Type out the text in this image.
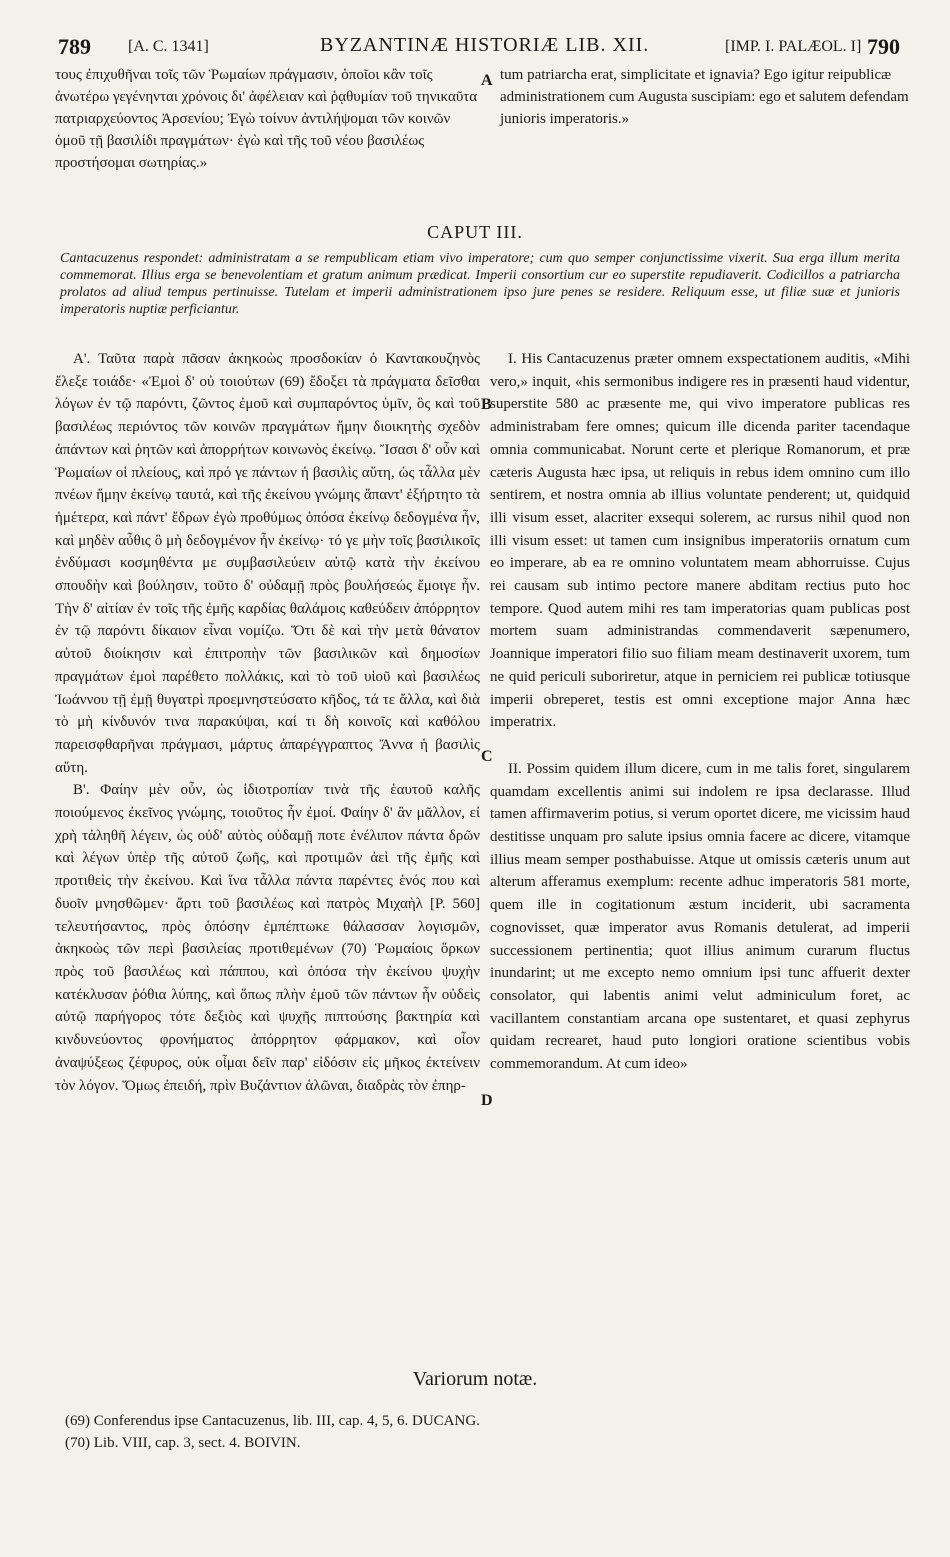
789 [A. C. 1341]	BYZANTINÆ HISTORIÆ LIB. XII.	[IMP. I. PALÆOL. I] 790
τους ἐπιχυθῆναι τοῖς τῶν Ῥωμαίων πράγμασιν, ὁποῖοι κἂν τοῖς ἀνωτέρω γεγένηνται χρόνοις δι' ἀφέλειαν καὶ ῥᾳθυμίαν τοῦ τηνικαῦτα πατριαρχεύοντος Ἀρσενίου; Ἐγὼ τοίνυν ἀντιλήψομαι τῶν κοινῶν ὁμοῦ τῇ βασιλίδι πραγμάτων· ἐγὼ καὶ τῆς τοῦ νέου βασιλέως προστήσομαι σωτηρίας.»
A tum patriarcha erat, simplicitate et ignavia? Ego igitur reipublicæ administrationem cum Augusta suscipiam: ego et salutem defendam junioris imperatoris.»
CAPUT III.
Cantacuzenus respondet: administratam a se rempublicam etiam vivo imperatore; cum quo semper conjunctissime vixerit. Sua erga illum merita commemorat. Illius erga se benevolentiam et gratum animum prædicat. Imperii consortium cur eo superstite repudiaverit. Codicillos a patriarcha prolatos ad aliud tempus pertinuisse. Tutelam et imperii administrationem ipso jure penes se residere. Reliquum esse, ut filiæ suæ et junioris imperatoris nuptiæ perficiantur.

Α'. Ταῦτα παρὰ πᾶσαν ἀκηκοὼς προσδοκίαν ὁ Καντακουζηνὸς ἔλεξε τοιάδε· «Ἐμοὶ δ' οὐ τοιούτων (69) ἔδοξει τὰ πράγματα δεῖσθαι λόγων ἐν τῷ παρόντι, ζῶντος ἐμοῦ καὶ συμπαρόντος ὑμῖν, ὃς καὶ τοῦ βασιλέως περιόντος τῶν κοινῶν πραγμάτων ἤμην διοικητὴς σχεδὸν ἁπάντων καὶ ῥητῶν καὶ ἀπορρήτων κοινωνὸς ἐκείνῳ. Ἴσασι δ' οὖν καὶ Ῥωμαίων οἱ πλείους, καὶ πρό γε πάντων ἡ βασιλὶς αὕτη, ὡς τἆλλα μὲν πνέων ἤμην ἐκείνῳ ταυτά, καὶ τῆς ἐκείνου γνώμης ἅπαντ' ἐξήρτητο τὰ ἡμέτερα, καὶ πάντ' ἔδρων ἐγὼ προθύμως ὁπόσα ἐκείνῳ δεδογμένα ἦν, καὶ μηδὲν αὖθις ὃ μὴ δεδογμένον ἦν ἐκείνῳ· τό γε μὴν τοῖς βασιλικοῖς ἐνδύμασι κοσμηθέντα με συμβασιλεύειν αὐτῷ κατὰ τὴν ἐκείνου σπουδὴν καὶ βούλησιν, τοῦτο δ' οὐδαμῇ πρὸς βουλήσεώς ἔμοιγε ἦν. Τὴν δ' αἰτίαν ἐν τοῖς τῆς ἐμῆς καρδίας θαλάμοις καθεύδειν ἀπόρρητον ἐν τῷ παρόντι δίκαιον εἶναι νομίζω. Ὅτι δὲ καὶ τὴν μετὰ θάνατον αὐτοῦ διοίκησιν καὶ ἐπιτροπὴν τῶν βασιλικῶν καὶ δημοσίων πραγμάτων ἐμοὶ παρέθετο πολλάκις, καὶ τὸ τοῦ υἱοῦ καὶ βασιλέως Ἰωάννου τῇ ἐμῇ θυγατρὶ προεμνηστεύσατο κῆδος, τά τε ἄλλα, καὶ διὰ τὸ μὴ κίνδυνόν τινα παρακύψαι, καί τι δὴ κοινοῖς καὶ καθόλου παρεισφθαρῆναι πράγμασι, μάρτυς ἀπαρέγγραπτος Ἄννα ἡ βασιλὶς αὕτη.

Β'. Φαίην μὲν οὖν, ὡς ἰδιοτροπίαν τινὰ τῆς ἑαυτοῦ καλῆς ποιούμενος ἐκεῖνος γνώμης, τοιοῦτος ἦν ἐμοί. Φαίην δ' ἂν μᾶλλον, εἰ χρὴ τἀληθῆ λέγειν, ὡς οὐδ' αὐτὸς οὐδαμῇ ποτε ἐνέλιπον πάντα δρῶν καὶ λέγων ὑπὲρ τῆς αὐτοῦ ζωῆς, καὶ προτιμῶν ἀεὶ τῆς ἐμῆς καὶ προτιθεὶς τὴν ἐκείνου. Καὶ ἵνα τἆλλα πάντα παρέντες ἑνός που καὶ δυοῖν μνησθῶμεν· ἄρτι τοῦ βασιλέως καὶ πατρὸς Μιχαὴλ [P. 560] τελευτήσαντος, πρὸς ὁπόσην ἐμπέπτωκε θάλασσαν λογισμῶν, ἀκηκοὼς τῶν περὶ βασιλείας προτιθεμένων (70) Ῥωμαίοις ὅρκων πρὸς τοῦ βασιλέως καὶ πάππου, καὶ ὁπόσα τὴν ἐκείνου ψυχὴν κατέκλυσαν ῥόθια λύπης, καὶ ὅπως πλὴν ἐμοῦ τῶν πάντων ἦν οὐδεὶς αὐτῷ παρήγορος τότε δεξιὸς καὶ ψυχῆς πιπτούσης βακτηρία καὶ κινδυνεύοντος φρονήματος ἀπόρρητον φάρμακον, καὶ οἷον ἀναψύξεως ζέφυρος, οὐκ οἶμαι δεῖν παρ' εἰδόσιν εἰς μῆκος ἐκτείνειν τὸν λόγον. Ὅμως ἐπειδή, πρὶν Βυζάντιον ἁλῶναι, διαδρὰς τὸν ἐπηρ-

B
C
D

I. His Cantacuzenus præter omnem exspectationem auditis, «Mihi vero,» inquit, «his sermonibus indigere res in præsenti haud videntur, superstite 580 ac præsente me, qui vivo imperatore publicas res administrabam fere omnes; quicum ille dicenda pariter tacendaque omnia communicabat. Norunt certe et plerique Romanorum, et præ cæteris Augusta hæc ipsa, ut reliquis in rebus idem omnino cum illo sentirem, et nostra omnia ab illius voluntate penderent; ut, quidquid illi visum esset, alacriter exsequi solerem, ac rursus nihil quod non illi visum esset: ut tamen cum insignibus imperatoriis ornatum cum eo imperare, ab ea re omnino voluntatem meam abhorruisse. Cujus rei causam sub intimo pectore manere abditam rectius puto hoc tempore. Quod autem mihi res tam imperatorias quam publicas post mortem suam administrandas commendaverit sæpenumero, Joannique imperatori filio suo filiam meam destinaverit uxorem, tum ne quid periculi suboriretur, atque in perniciem rei publicæ totiusque imperii obreperet, testis est omni exceptione major Anna hæc imperatrix.

II. Possim quidem illum dicere, cum in me talis foret, singularem quamdam excellentis animi sui indolem re ipsa declarasse. Illud tamen affirmaverim potius, si verum oportet dicere, me vicissim haud destitisse unquam pro salute ipsius omnia facere ac dicere, vitamque illius meam semper posthabuisse. Atque ut omissis cæteris unum aut alterum afferamus exemplum: recente adhuc imperatoris 581 morte, quem ille in cogitationum æstum inciderit, ubi sacramenta cognovisset, quæ imperator avus Romanis detulerat, ad imperii successionem pertinentia; quot illius animum curarum fluctus inundarint; ut me excepto nemo omnium ipsi tunc affuerit dexter consolator, qui labentis animi velut adminiculum foret, ac vacillantem constantiam arcana ope sustentaret, et quasi zephyrus quidam recrearet, haud puto longiori oratione scientibus vobis commemorandum. At cum ideo»

Variorum notæ.
(69) Conferendus ipse Cantacuzenus, lib. III, cap. 4, 5, 6. DUCANG.
(70) Lib. VIII, cap. 3, sect. 4. BOIVIN.
